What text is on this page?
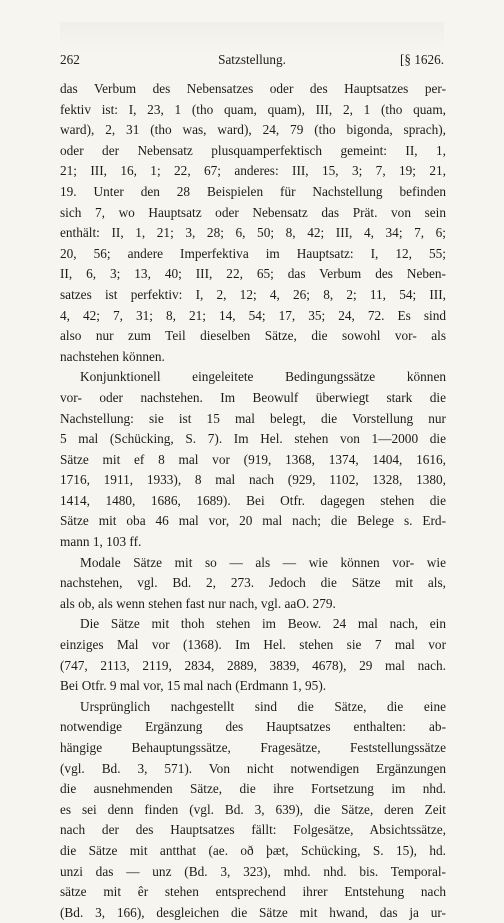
262	Satzstellung.	[§ 1626.
das Verbum des Nebensatzes oder des Hauptsatzes per-
fektiv ist: I, 23, 1 (tho quam, quam), III, 2, 1 (tho quam,
ward), 2, 31 (tho was, ward), 24, 79 (tho bigonda, sprach),
oder der Nebensatz plusquamperfektisch gemeint: II, 1,
21; III, 16, 1; 22, 67; anderes: III, 15, 3; 7, 19; 21,
19. Unter den 28 Beispielen für Nachstellung befinden
sich 7, wo Hauptsatz oder Nebensatz das Prät. von sein
enthält: II, 1, 21; 3, 28; 6, 50; 8, 42; III, 4, 34; 7, 6;
20, 56; andere Imperfektiva im Hauptsatz: I, 12, 55;
II, 6, 3; 13, 40; III, 22, 65; das Verbum des Neben-
satzes ist perfektiv: I, 2, 12; 4, 26; 8, 2; 11, 54; III,
4, 42; 7, 31; 8, 21; 14, 54; 17, 35; 24, 72. Es sind
also nur zum Teil dieselben Sätze, die sowohl vor- als
nachstehen können.
Konjunktionell eingeleitete Bedingungssätze können
vor- oder nachstehen. Im Beowulf überwiegt stark die
Nachstellung: sie ist 15 mal belegt, die Vorstellung nur
5 mal (Schücking, S. 7). Im Hel. stehen von 1—2000 die
Sätze mit ef 8 mal vor (919, 1368, 1374, 1404, 1616,
1716, 1911, 1933), 8 mal nach (929, 1102, 1328, 1380,
1414, 1480, 1686, 1689). Bei Otfr. dagegen stehen die
Sätze mit oba 46 mal vor, 20 mal nach; die Belege s. Erd-
mann 1, 103 ff.
Modale Sätze mit so — als — wie können vor- wie
nachstehen, vgl. Bd. 2, 273. Jedoch die Sätze mit als,
als ob, als wenn stehen fast nur nach, vgl. aaO. 279.
Die Sätze mit thoh stehen im Beow. 24 mal nach, ein
einziges Mal vor (1368). Im Hel. stehen sie 7 mal vor
(747, 2113, 2119, 2834, 2889, 3839, 4678), 29 mal nach.
Bei Otfr. 9 mal vor, 15 mal nach (Erdmann 1, 95).
Ursprünglich nachgestellt sind die Sätze, die eine
notwendige Ergänzung des Hauptsatzes enthalten: ab-
hängige Behauptungssätze, Fragesätze, Feststellungssätze
(vgl. Bd. 3, 571). Von nicht notwendigen Ergänzungen
die ausnehmenden Sätze, die ihre Fortsetzung im nhd.
es sei denn finden (vgl. Bd. 3, 639), die Sätze, deren Zeit
nach der des Hauptsatzes fällt: Folgesätze, Absichtssätze,
die Sätze mit antthat (ae. oð þæt, Schücking, S. 15), hd.
unzi das — unz (Bd. 3, 323), mhd. nhd. bis. Temporal-
sätze mit êr stehen entsprechend ihrer Entstehung nach
(Bd. 3, 166), desgleichen die Sätze mit hwand, das ja ur-
